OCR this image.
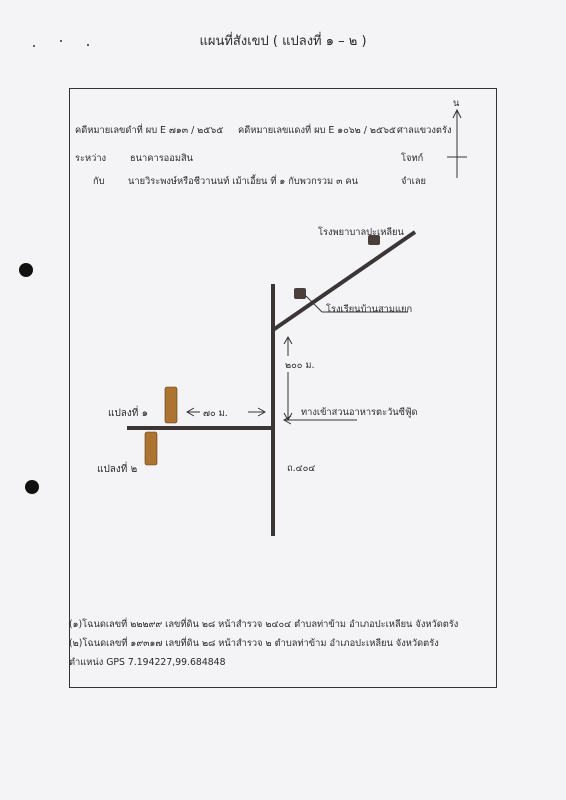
แผนที่สังเขป ( แปลงที่ ๑ – ๒ )
คดีหมายเลขดำที่ ผบ E ๗๑๓ / ๒๕๖๕ คดีหมายเลขแดงที่ ผบ E ๑๐๖๒ / ๒๕๖๕ ศาลแขวงตรัง
ระหว่าง	ธนาคารออมสิน	โจทก์
กับ	นายวิระพงษ์หรือชีวานนท์ เม้าเอี้ยน ที่ ๑ กับพวกรวม ๓ คน	จำเลย
โรงพยาบาลปะเหลียน
โรงเรียนบ้านสามแยก
๒๐๐ ม.
แปลงที่ ๑	๗๐ ม.	ทางเข้าสวนอาหารตะวันซีฟู้ด
แปลงที่ ๒	ถ.๔๐๔
น
(๑)โฉนดเลขที่ ๒๒๒๙๙ เลขที่ดิน ๒๘ หน้าสำรวจ ๒๔๐๔ ตำบลท่าข้าม อำเภอปะเหลียน จังหวัดตรัง
(๒)โฉนดเลขที่ ๑๙๓๑๗ เลขที่ดิน ๒๘ หน้าสำรวจ ๒ ตำบลท่าข้าม อำเภอปะเหลียน จังหวัดตรัง
ตำแหน่ง GPS 7.194227,99.684848
